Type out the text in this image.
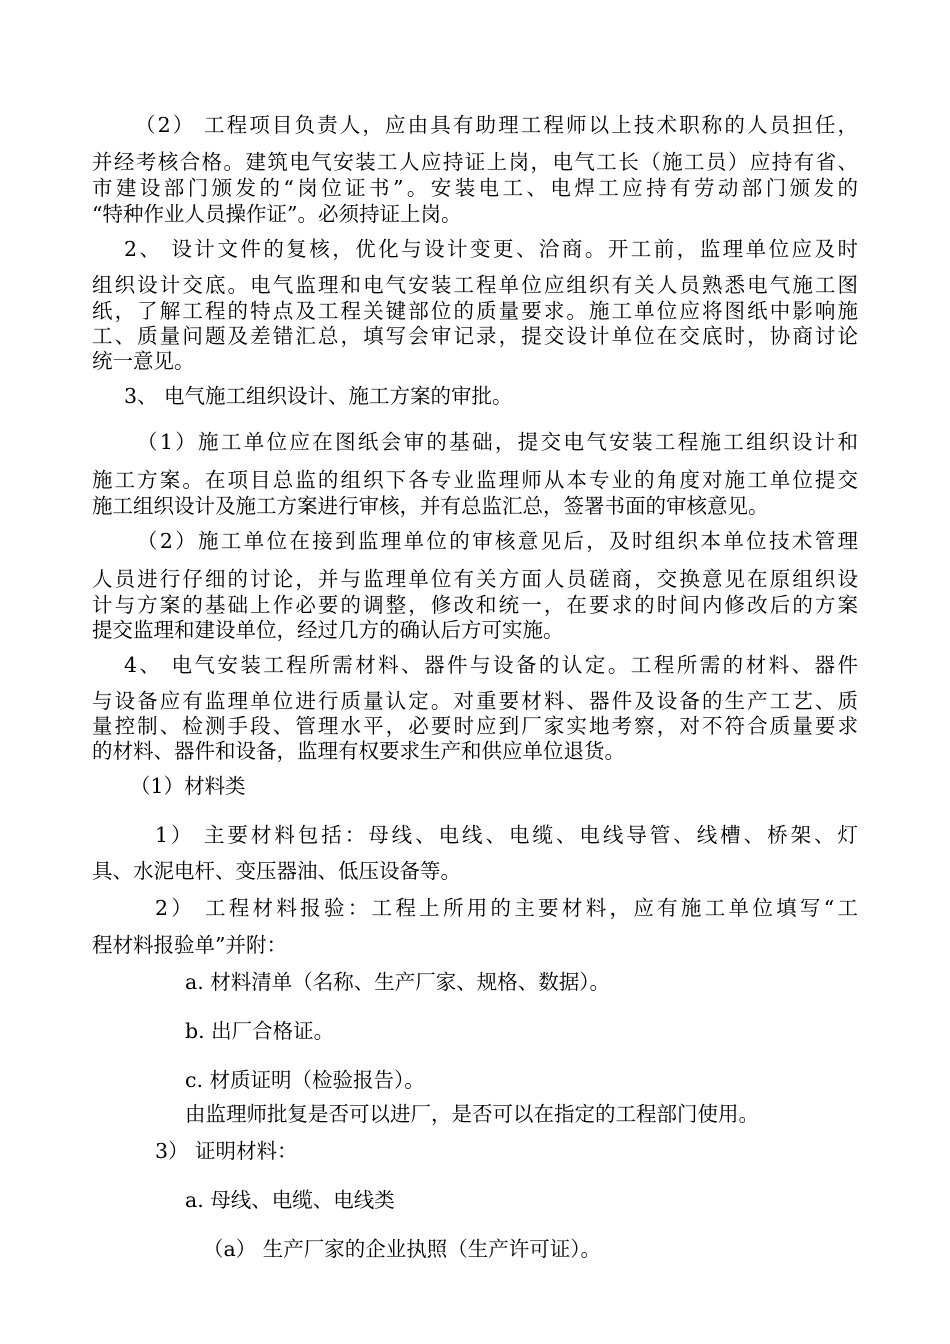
（2） 工程项目负责人，应由具有助理工程师以上技术职称的人员担任，
并经考核合格。建筑电气安装工人应持证上岗，电气工长（施工员）应持有省、
市建设部门颁发的“岗位证书”。安装电工、电焊工应持有劳动部门颁发的
“特种作业人员操作证”。必须持证上岗。
2、 设计文件的复核，优化与设计变更、洽商。开工前，监理单位应及时
组织设计交底。电气监理和电气安装工程单位应组织有关人员熟悉电气施工图
纸，了解工程的特点及工程关键部位的质量要求。施工单位应将图纸中影响施
工、质量问题及差错汇总，填写会审记录，提交设计单位在交底时，协商讨论
统一意见。
3、 电气施工组织设计、施工方案的审批。
（1）施工单位应在图纸会审的基础，提交电气安装工程施工组织设计和
施工方案。在项目总监的组织下各专业监理师从本专业的角度对施工单位提交
施工组织设计及施工方案进行审核，并有总监汇总，签署书面的审核意见。
（2）施工单位在接到监理单位的审核意见后，及时组织本单位技术管理
人员进行仔细的讨论，并与监理单位有关方面人员磋商，交换意见在原组织设
计与方案的基础上作必要的调整，修改和统一，在要求的时间内修改后的方案
提交监理和建设单位，经过几方的确认后方可实施。
4、 电气安装工程所需材料、器件与设备的认定。工程所需的材料、器件
与设备应有监理单位进行质量认定。对重要材料、器件及设备的生产工艺、质
量控制、检测手段、管理水平，必要时应到厂家实地考察，对不符合质量要求
的材料、器件和设备，监理有权要求生产和供应单位退货。
（1）材料类
1） 主要材料包括：母线、电线、电缆、电线导管、线槽、桥架、灯
具、水泥电杆、变压器油、低压设备等。
2） 工程材料报验：工程上所用的主要材料，应有施工单位填写“工
程材料报验单”并附：
a. 材料清单（名称、生产厂家、规格、数据）。
b. 出厂合格证。
c. 材质证明（检验报告）。
由监理师批复是否可以进厂，是否可以在指定的工程部门使用。
3） 证明材料：
a. 母线、电缆、电线类
（a） 生产厂家的企业执照（生产许可证）。
